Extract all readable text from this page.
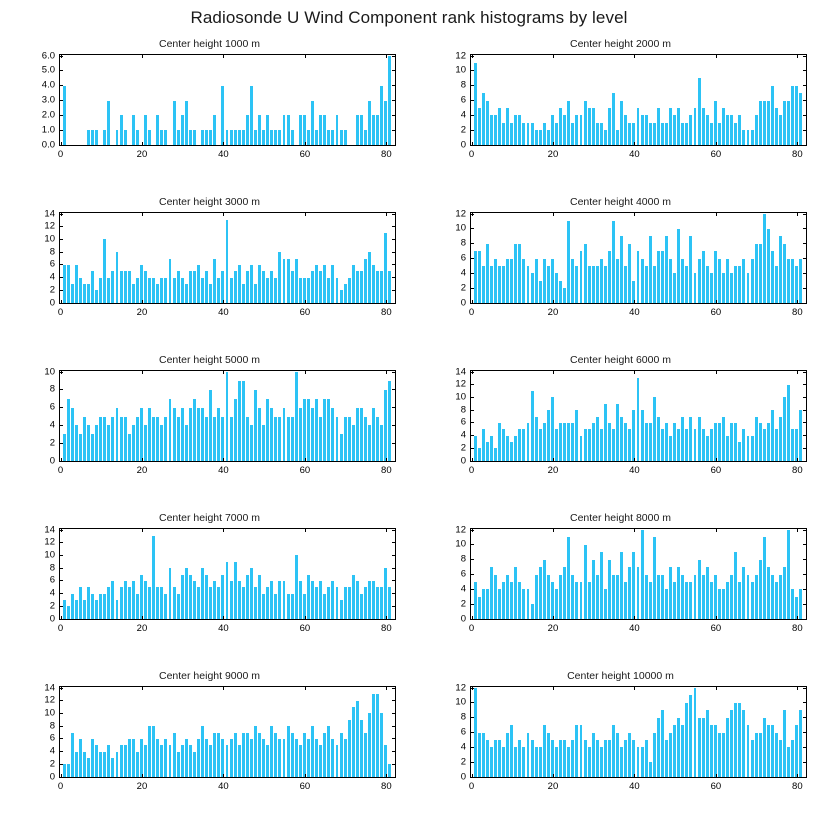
Radiosonde U Wind Component rank histograms by level
Center height 1000 m
0.0
1.0
2.0
3.0
4.0
5.0
6.0
0	20	40	60	80
Center height 2000 m
0
2
4
6
8
10
12
0	20	40	60	80
Center height 3000 m
0
2
4
6
8
10
12
14
0	20	40	60	80
Center height 4000 m
0
2
4
6
8
10
12
0	20	40	60	80
Center height 5000 m
0
2
4
6
8
10
0	20	40	60	80
Center height 6000 m
0
2
4
6
8
10
12
14
0	20	40	60	80
Center height 7000 m
0
2
4
6
8
10
12
14
0	20	40	60	80
Center height 8000 m
0
2
4
6
8
10
12
0	20	40	60	80
Center height 9000 m
0
2
4
6
8
10
12
14
0	20	40	60	80
Center height 10000 m
0
2
4
6
8
10
12
0	20	40	60	80
